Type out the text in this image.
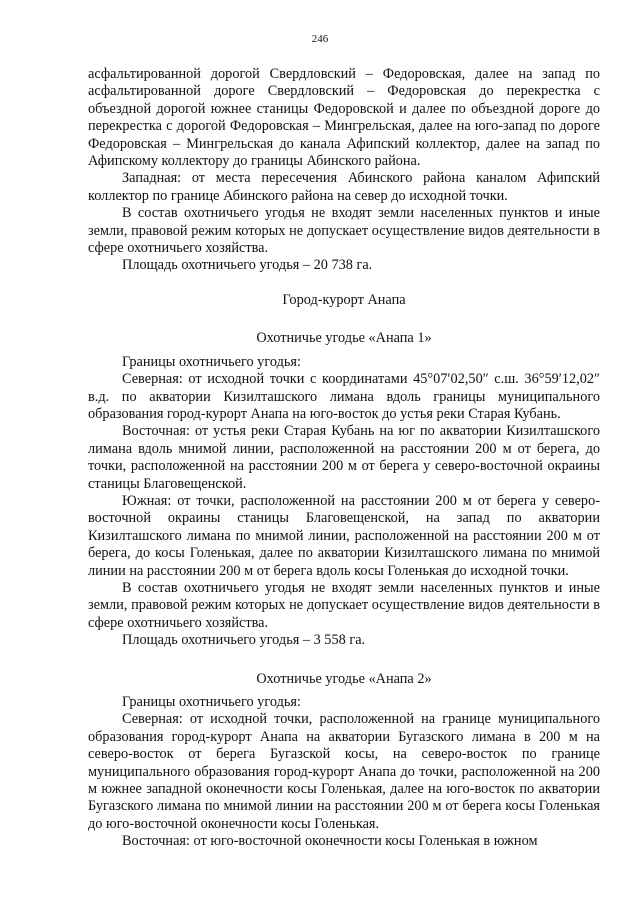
246

асфальтированной дорогой Свердловский – Федоровская, далее на запад по асфальтированной дороге Свердловский – Федоровская до перекрестка с объездной дорогой южнее станицы Федоровской и далее по объездной дороге до перекрестка с дорогой Федоровская – Мингрельская, далее на юго-запад по дороге Федоровская – Мингрельская до канала Афипский коллектор, далее на запад по Афипскому коллектору до границы Абинского района.

Западная: от места пересечения Абинского района каналом Афипский коллектор по границе Абинского района на север до исходной точки.

В состав охотничьего угодья не входят земли населенных пунктов и иные земли, правовой режим которых не допускает осуществление видов деятельности в сфере охотничьего хозяйства.

Площадь охотничьего угодья – 20 738 га.

Город-курорт Анапа
Охотничье угодье «Анапа 1»

Границы охотничьего угодья:

Северная: от исходной точки с координатами 45°07′02,50″ с.ш. 36°59′12,02″ в.д. по акватории Кизилташского лимана вдоль границы муниципального образования город-курорт Анапа на юго-восток до устья реки Старая Кубань.

Восточная: от устья реки Старая Кубань на юг по акватории Кизилташского лимана вдоль мнимой линии, расположенной на расстоянии 200 м от берега, до точки, расположенной на расстоянии 200 м от берега у северо-восточной окраины станицы Благовещенской.

Южная: от точки, расположенной на расстоянии 200 м от берега у северо-восточной окраины станицы Благовещенской, на запад по акватории Кизилташского лимана по мнимой линии, расположенной на расстоянии 200 м от берега, до косы Голенькая, далее по акватории Кизилташского лимана по мнимой линии на расстоянии 200 м от берега вдоль косы Голенькая до исходной точки.

В состав охотничьего угодья не входят земли населенных пунктов и иные земли, правовой режим которых не допускает осуществление видов деятельности в сфере охотничьего хозяйства.

Площадь охотничьего угодья – 3 558 га.

Охотничье угодье «Анапа 2»

Границы охотничьего угодья:

Северная: от исходной точки, расположенной на границе муниципального образования город-курорт Анапа на акватории Бугазского лимана в 200 м на северо-восток от берега Бугазской косы, на северо-восток по границе муниципального образования город-курорт Анапа до точки, расположенной на 200 м южнее западной оконечности косы Голенькая, далее на юго-восток по акватории Бугазского лимана по мнимой линии на расстоянии 200 м от берега косы Голенькая до юго-восточной оконечности косы Голенькая.

Восточная: от юго-восточной оконечности косы Голенькая в южном
